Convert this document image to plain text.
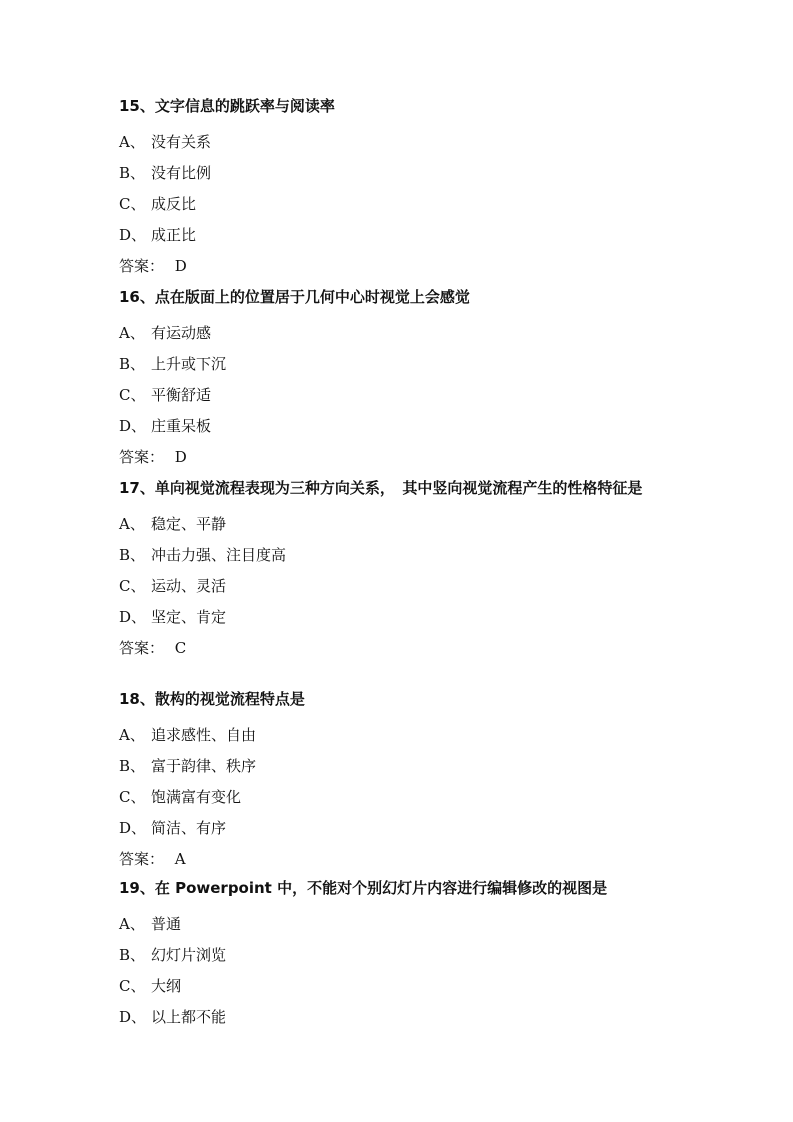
15、文字信息的跳跃率与阅读率

A、 没有关系
B、 没有比例
C、 成反比
D、 成正比
答案： D

16、点在版面上的位置居于几何中心时视觉上会感觉

A、 有运动感
B、 上升或下沉
C、 平衡舒适
D、 庄重呆板
答案： D

17、单向视觉流程表现为三种方向关系，　其中竖向视觉流程产生的性格特征是

A、 稳定、平静
B、 冲击力强、注目度高
C、 运动、灵活
D、 坚定、肯定
答案： C

18、散构的视觉流程特点是

A、 追求感性、自由
B、 富于韵律、秩序
C、 饱满富有变化
D、 简洁、有序
答案： A

19、在 Powerpoint 中，不能对个别幻灯片内容进行编辑修改的视图是

A、 普通
B、 幻灯片浏览
C、 大纲
D、 以上都不能
